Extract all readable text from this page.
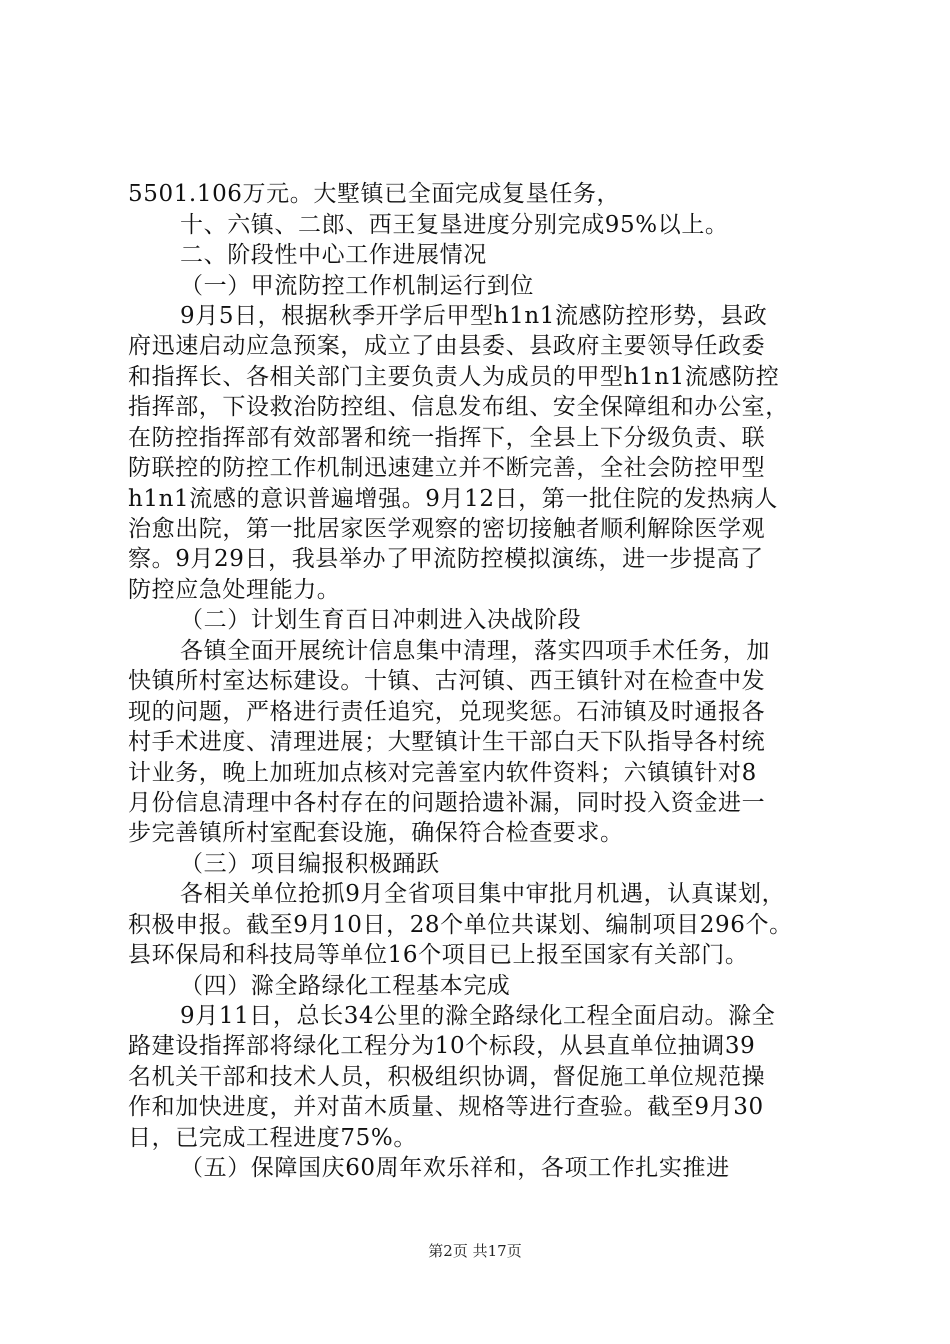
5501.106万元。大墅镇已全面完成复垦任务，
十、六镇、二郎、西王复垦进度分别完成95%以上。
二、阶段性中心工作进展情况
（一）甲流防控工作机制运行到位
9月5日，根据秋季开学后甲型h1n1流感防控形势，县政
府迅速启动应急预案，成立了由县委、县政府主要领导任政委
和指挥长、各相关部门主要负责人为成员的甲型h1n1流感防控
指挥部，下设救治防控组、信息发布组、安全保障组和办公室，
在防控指挥部有效部署和统一指挥下，全县上下分级负责、联
防联控的防控工作机制迅速建立并不断完善，全社会防控甲型
h1n1流感的意识普遍增强。9月12日，第一批住院的发热病人
治愈出院，第一批居家医学观察的密切接触者顺利解除医学观
察。9月29日，我县举办了甲流防控模拟演练，进一步提高了
防控应急处理能力。
（二）计划生育百日冲刺进入决战阶段
各镇全面开展统计信息集中清理，落实四项手术任务，加
快镇所村室达标建设。十镇、古河镇、西王镇针对在检查中发
现的问题，严格进行责任追究，兑现奖惩。石沛镇及时通报各
村手术进度、清理进展；大墅镇计生干部白天下队指导各村统
计业务，晚上加班加点核对完善室内软件资料；六镇镇针对8
月份信息清理中各村存在的问题拾遗补漏，同时投入资金进一
步完善镇所村室配套设施，确保符合检查要求。
（三）项目编报积极踊跃
各相关单位抢抓9月全省项目集中审批月机遇，认真谋划，
积极申报。截至9月10日，28个单位共谋划、编制项目296个。
县环保局和科技局等单位16个项目已上报至国家有关部门。
（四）滁全路绿化工程基本完成
9月11日，总长34公里的滁全路绿化工程全面启动。滁全
路建设指挥部将绿化工程分为10个标段，从县直单位抽调39
名机关干部和技术人员，积极组织协调，督促施工单位规范操
作和加快进度，并对苗木质量、规格等进行查验。截至9月30
日，已完成工程进度75%。
（五）保障国庆60周年欢乐祥和，各项工作扎实推进
第2页 共17页
